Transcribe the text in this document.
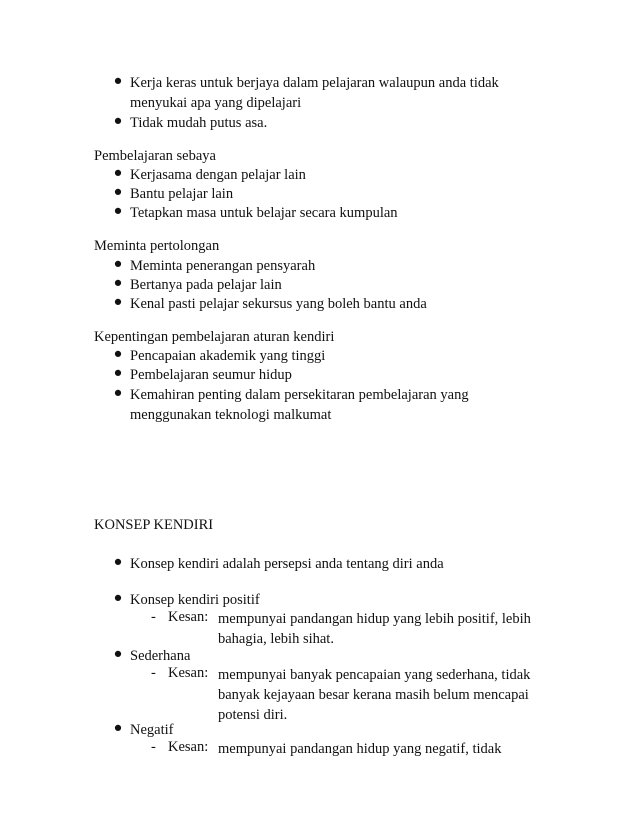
● Kerja keras untuk berjaya dalam pelajaran walaupun anda tidak menyukai apa yang dipelajari
● Tidak mudah putus asa.
Pembelajaran sebaya
● Kerjasama dengan pelajar lain
● Bantu pelajar lain
● Tetapkan masa untuk belajar secara kumpulan
Meminta pertolongan
● Meminta penerangan pensyarah
● Bertanya pada pelajar lain
● Kenal pasti pelajar sekursus yang boleh bantu anda
Kepentingan pembelajaran aturan kendiri
● Pencapaian akademik yang tinggi
● Pembelajaran seumur hidup
● Kemahiran penting dalam persekitaran pembelajaran yang menggunakan teknologi malkumat
KONSEP KENDIRI
● Konsep kendiri adalah persepsi anda tentang diri anda
● Konsep kendiri positif
- Kesan: mempunyai pandangan hidup yang lebih positif, lebih bahagia, lebih sihat.
● Sederhana
- Kesan: mempunyai banyak pencapaian yang sederhana, tidak banyak kejayaan besar kerana masih belum mencapai potensi diri.
● Negatif
- Kesan: mempunyai pandangan hidup yang negatif, tidak
